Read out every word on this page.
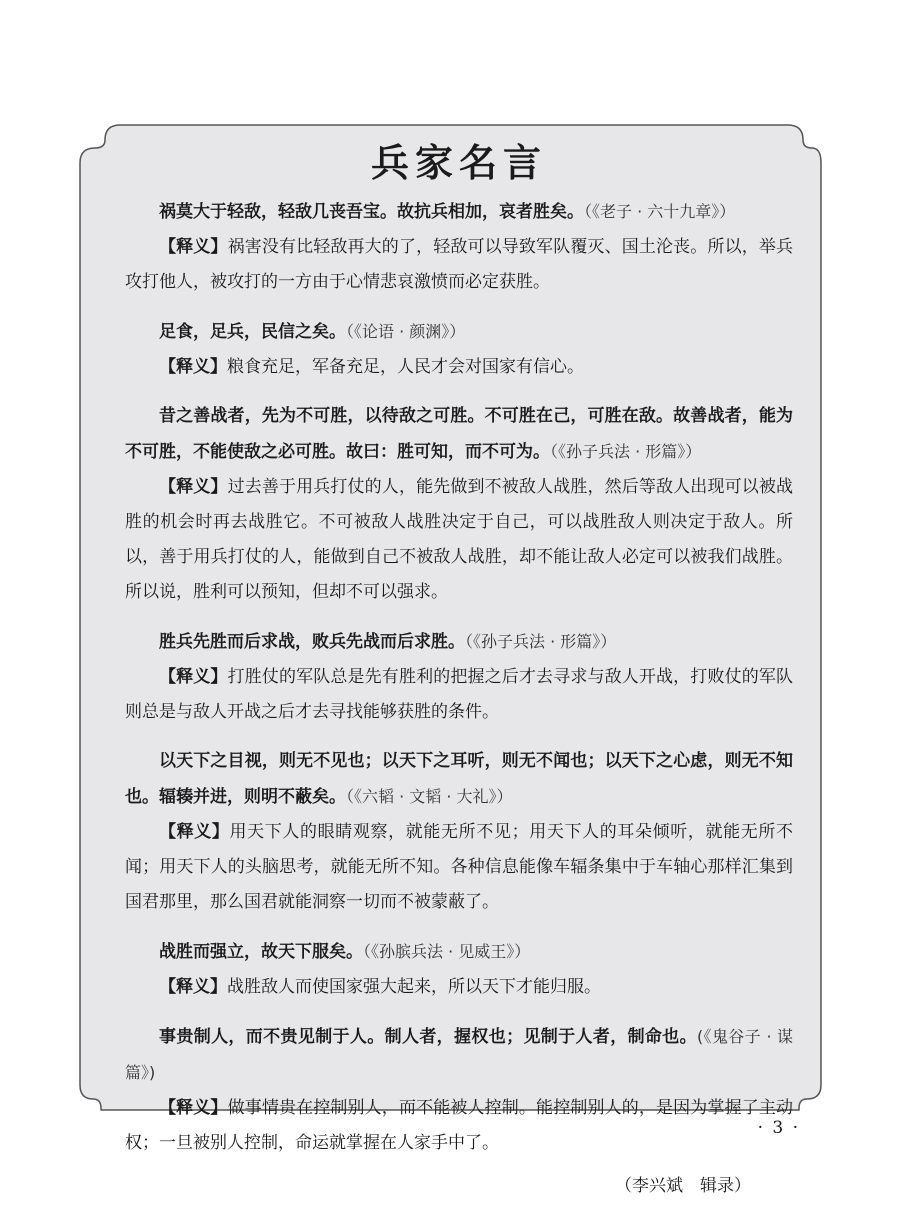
兵家名言

祸莫大于轻敌，轻敌几丧吾宝。故抗兵相加，哀者胜矣。（《老子 · 六十九章》）

【释义】祸害没有比轻敌再大的了，轻敌可以导致军队覆灭、国土沦丧。所以，举兵攻打他人，被攻打的一方由于心情悲哀激愤而必定获胜。

足食，足兵，民信之矣。（《论语 · 颜渊》）

【释义】粮食充足，军备充足，人民才会对国家有信心。

昔之善战者，先为不可胜，以待敌之可胜。不可胜在己，可胜在敌。故善战者，能为不可胜，不能使敌之必可胜。故曰：胜可知，而不可为。（《孙子兵法 · 形篇》）

【释义】过去善于用兵打仗的人，能先做到不被敌人战胜，然后等敌人出现可以被战胜的机会时再去战胜它。不可被敌人战胜决定于自己，可以战胜敌人则决定于敌人。所以，善于用兵打仗的人，能做到自己不被敌人战胜，却不能让敌人必定可以被我们战胜。所以说，胜利可以预知，但却不可以强求。

胜兵先胜而后求战，败兵先战而后求胜。（《孙子兵法 · 形篇》）

【释义】打胜仗的军队总是先有胜利的把握之后才去寻求与敌人开战，打败仗的军队则总是与敌人开战之后才去寻找能够获胜的条件。

以天下之目视，则无不见也；以天下之耳听，则无不闻也；以天下之心虑，则无不知也。辐辏并进，则明不蔽矣。（《六韬 · 文韬 · 大礼》）

【释义】用天下人的眼睛观察，就能无所不见；用天下人的耳朵倾听，就能无所不闻；用天下人的头脑思考，就能无所不知。各种信息能像车辐条集中于车轴心那样汇集到国君那里，那么国君就能洞察一切而不被蒙蔽了。

战胜而强立，故天下服矣。（《孙膑兵法 · 见威王》）

【释义】战胜敌人而使国家强大起来，所以天下才能归服。

事贵制人，而不贵见制于人。制人者，握权也；见制于人者，制命也。(《鬼谷子 · 谋篇》)

【释义】做事情贵在控制别人，而不能被人控制。能控制别人的，是因为掌握了主动权；一旦被别人控制，命运就掌握在人家手中了。

（李兴斌　辑录）
· 3 ·
